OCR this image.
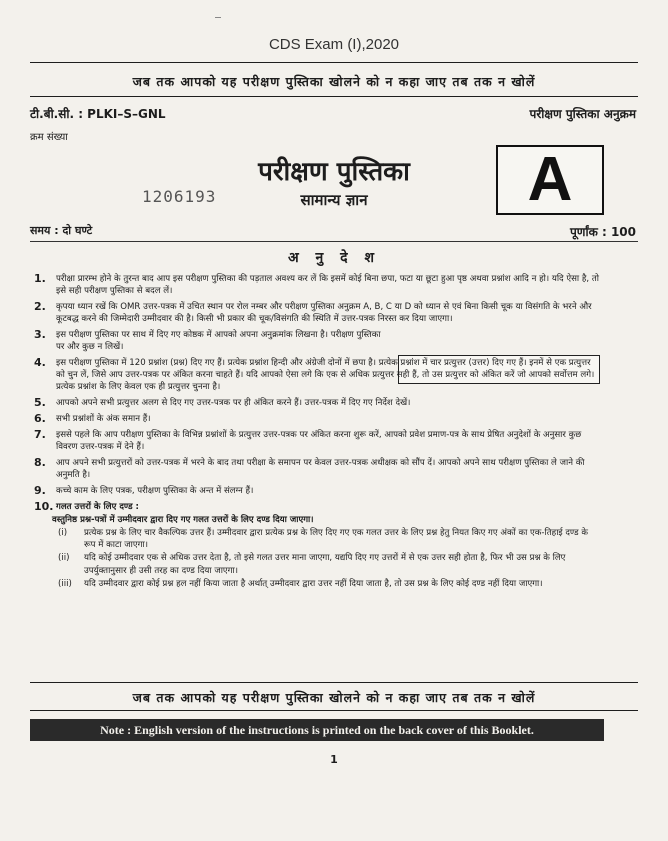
CDS Exam (I),2020
जब तक आपको यह परीक्षण पुस्तिका खोलने को न कहा जाए तब तक न खोलें
टी.बी.सी. : PLKI–S–GNL	परीक्षण पुस्तिका अनुक्रम
क्रम संख्या
परीक्षण पुस्तिका
सामान्य ज्ञान
1206193	A
समय : दो घण्टे	पूर्णांक : 100
अ नु दे श
1.	परीक्षा प्रारम्भ होने के तुरन्त बाद आप इस परीक्षण पुस्तिका की पड़ताल अवश्य कर लें कि इसमें कोई बिना छपा, फटा या छूटा हुआ पृष्ठ अथवा प्रश्नांश आदि न हो। यदि ऐसा है, तो इसे सही परीक्षण पुस्तिका से बदल लें।
2.	कृपया ध्यान रखें कि OMR उत्तर-पत्रक में उचित स्थान पर रोल नम्बर और परीक्षण पुस्तिका अनुक्रम A, B, C या D को ध्यान से एवं बिना किसी चूक या विसंगति के भरने और कूटबद्ध करने की जिम्मेदारी उम्मीदवार की है। किसी भी प्रकार की चूक/विसंगति की स्थिति में उत्तर-पत्रक निरस्त कर दिया जाएगा।
3.	इस परीक्षण पुस्तिका पर साथ में दिए गए कोष्ठक में आपको अपना अनुक्रमांक लिखना है। परीक्षण पुस्तिका पर और कुछ न लिखें।
4.	इस परीक्षण पुस्तिका में 120 प्रश्नांश (प्रश्न) दिए गए हैं। प्रत्येक प्रश्नांश हिन्दी और अंग्रेजी दोनों में छपा है। प्रत्येक प्रश्नांश में चार प्रत्युत्तर (उत्तर) दिए गए हैं। इनमें से एक प्रत्युत्तर को चुन लें, जिसे आप उत्तर-पत्रक पर अंकित करना चाहते हैं। यदि आपको ऐसा लगे कि एक से अधिक प्रत्युत्तर सही हैं, तो उस प्रत्युत्तर को अंकित करें जो आपको सर्वोत्तम लगे। प्रत्येक प्रश्नांश के लिए केवल एक ही प्रत्युत्तर चुनना है।
5.	आपको अपने सभी प्रत्युत्तर अलग से दिए गए उत्तर-पत्रक पर ही अंकित करने हैं। उत्तर-पत्रक में दिए गए निर्देश देखें।
6.	सभी प्रश्नांशों के अंक समान हैं।
7.	इससे पहले कि आप परीक्षण पुस्तिका के विभिन्न प्रश्नांशों के प्रत्युत्तर उत्तर-पत्रक पर अंकित करना शुरू करें, आपको प्रवेश प्रमाण-पत्र के साथ प्रेषित अनुदेशों के अनुसार कुछ विवरण उत्तर-पत्रक में देने हैं।
8.	आप अपने सभी प्रत्युत्तरों को उत्तर-पत्रक में भरने के बाद तथा परीक्षा के समापन पर केवल उत्तर-पत्रक अधीक्षक को सौंप दें। आपको अपने साथ परीक्षण पुस्तिका ले जाने की अनुमति है।
9.	कच्चे काम के लिए पत्रक, परीक्षण पुस्तिका के अन्त में संलग्न हैं।
10. गलत उत्तरों के लिए दण्ड :
वस्तुनिष्ठ प्रश्न-पत्रों में उम्मीदवार द्वारा दिए गए गलत उत्तरों के लिए दण्ड दिया जाएगा।
(i)	प्रत्येक प्रश्न के लिए चार वैकल्पिक उत्तर हैं। उम्मीदवार द्वारा प्रत्येक प्रश्न के लिए दिए गए एक गलत उत्तर के लिए प्रश्न हेतु नियत किए गए अंकों का एक-तिहाई दण्ड के रूप में काटा जाएगा।
(ii)	यदि कोई उम्मीदवार एक से अधिक उत्तर देता है, तो इसे गलत उत्तर माना जाएगा, यद्यपि दिए गए उत्तरों में से एक उत्तर सही होता है, फिर भी उस प्रश्न के लिए उपर्युक्तानुसार ही उसी तरह का दण्ड दिया जाएगा।
(iii)	यदि उम्मीदवार द्वारा कोई प्रश्न हल नहीं किया जाता है अर्थात् उम्मीदवार द्वारा उत्तर नहीं दिया जाता है, तो उस प्रश्न के लिए कोई दण्ड नहीं दिया जाएगा।
जब तक आपको यह परीक्षण पुस्तिका खोलने को न कहा जाए तब तक न खोलें
Note : English version of the instructions is printed on the back cover of this Booklet.
1
